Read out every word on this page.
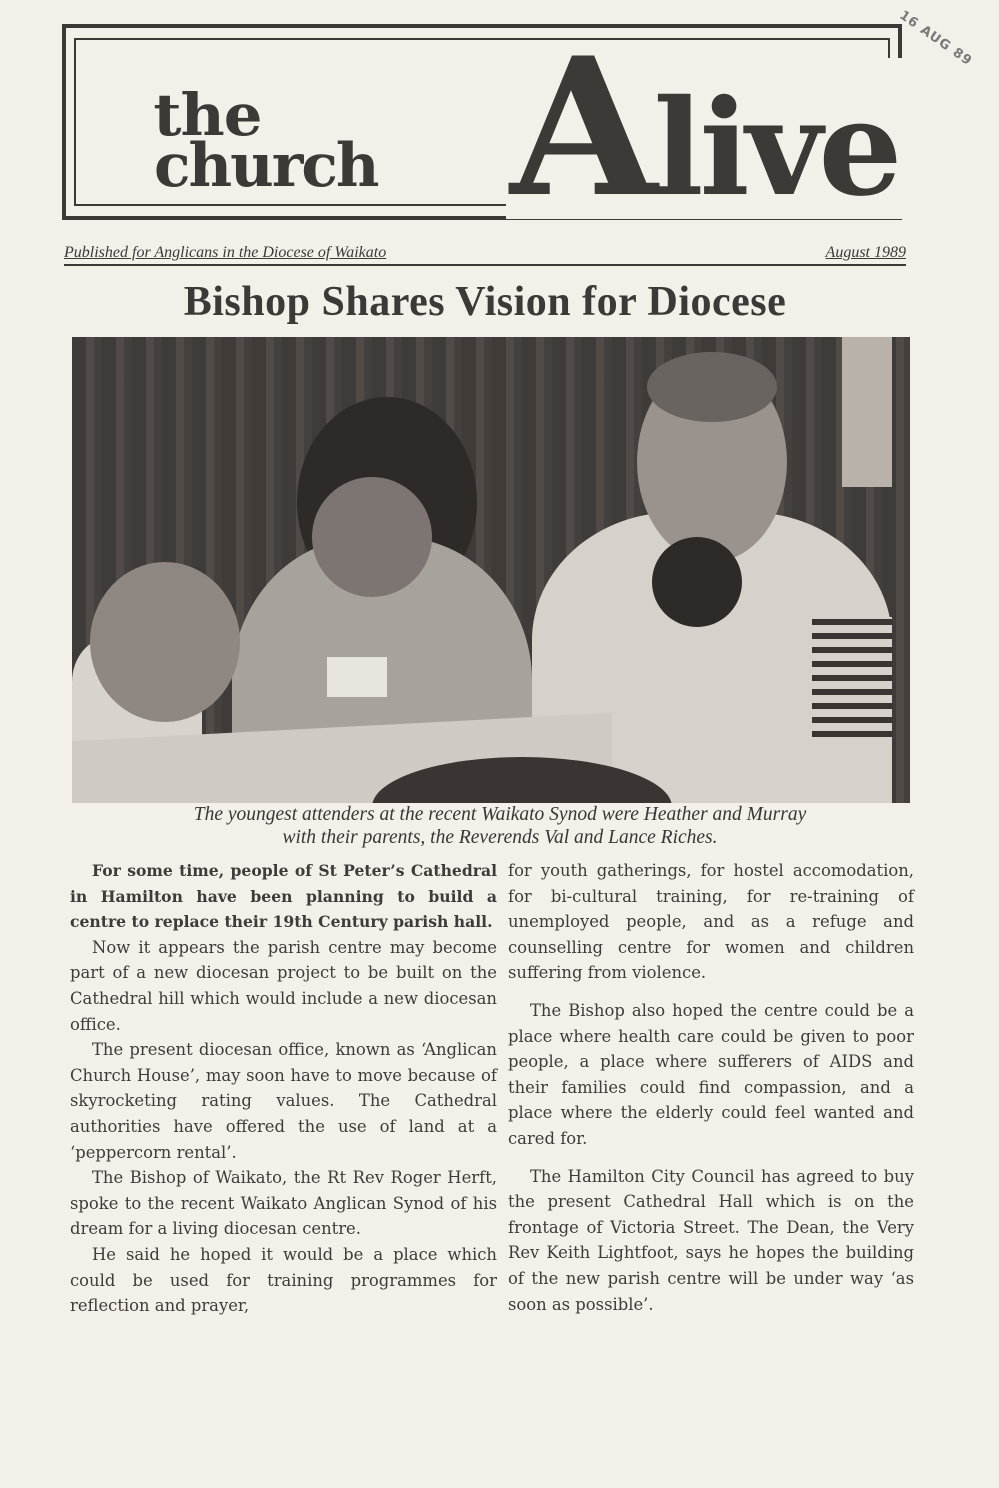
the
church Alive
16 AUG 89
Published for Anglicans in the Diocese of Waikato	August 1989
Bishop Shares Vision for Diocese
The youngest attenders at the recent Waikato Synod were Heather and Murray
with their parents, the Reverends Val and Lance Riches.

For some time, people of St Peter’s Cathedral in Hamilton have been planning to build a centre to replace their 19th Century parish hall.

Now it appears the parish centre may become part of a new diocesan project to be built on the Cathedral hill which would include a new diocesan office.

The present diocesan office, known as ‘Anglican Church House’, may soon have to move because of skyrocketing rating values. The Cathedral authorities have offered the use of land at a ‘peppercorn rental’.

The Bishop of Waikato, the Rt Rev Roger Herft, spoke to the recent Waikato Anglican Synod of his dream for a living diocesan centre.

He said he hoped it would be a place which could be used for training programmes for reflection and prayer,

for youth gatherings, for hostel accomodation, for bi-cultural training, for re-training of unemployed people, and as a refuge and counselling centre for women and children suffering from violence.

The Bishop also hoped the centre could be a place where health care could be given to poor people, a place where sufferers of AIDS and their families could find compassion, and a place where the elderly could feel wanted and cared for.

The Hamilton City Council has agreed to buy the present Cathedral Hall which is on the frontage of Victoria Street. The Dean, the Very Rev Keith Lightfoot, says he hopes the building of the new parish centre will be under way ‘as soon as possible’.
